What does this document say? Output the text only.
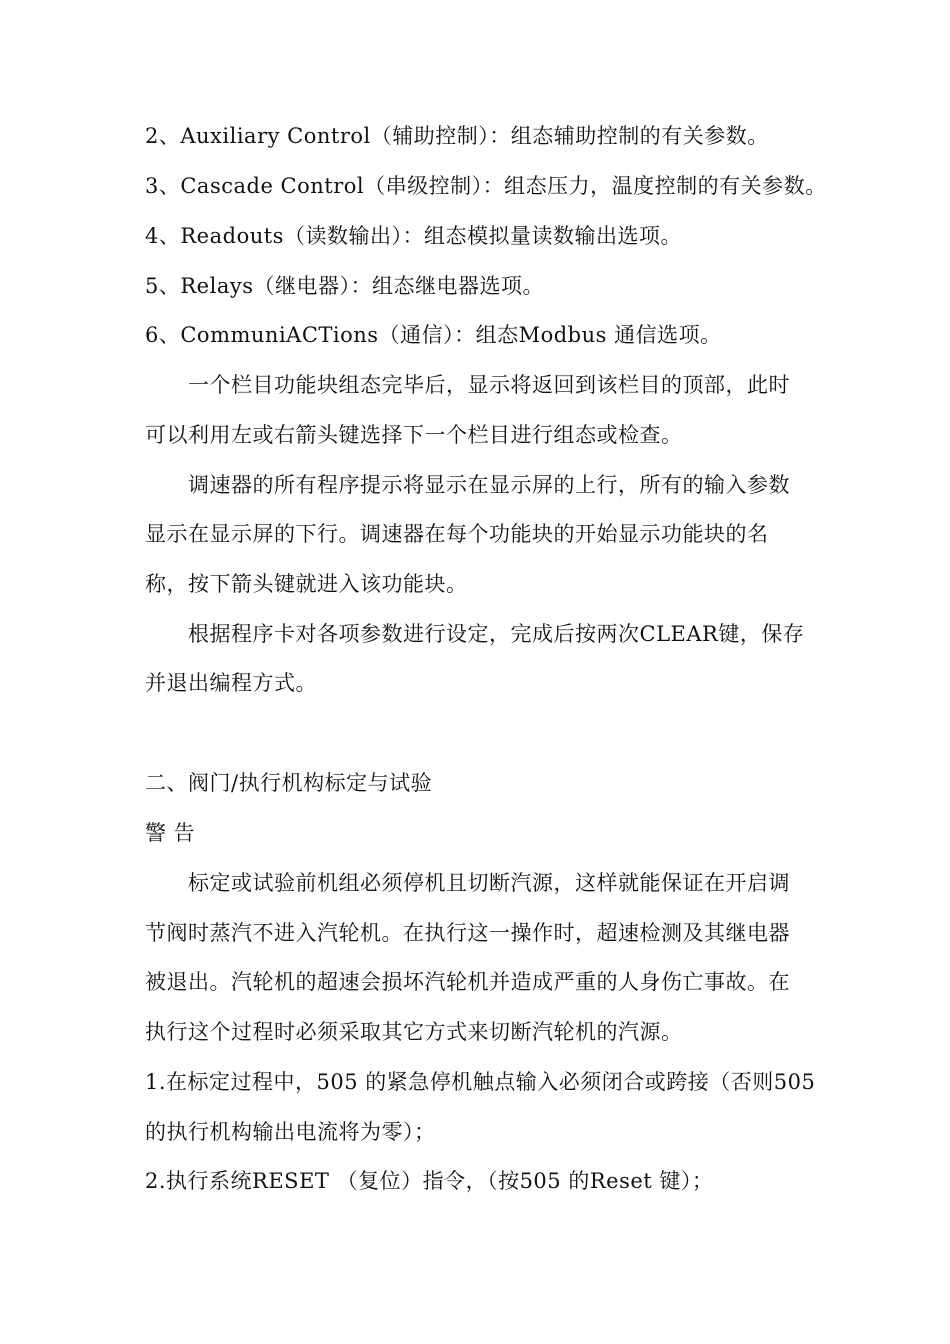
2、Auxiliary Control（辅助控制）：组态辅助控制的有关参数。
3、Cascade Control（串级控制）：组态压力，温度控制的有关参数。
4、Readouts（读数输出）：组态模拟量读数输出选项。
5、Relays（继电器）：组态继电器选项。
6、CommuniACTions（通信）：组态Modbus 通信选项。
一个栏目功能块组态完毕后，显示将返回到该栏目的顶部，此时
可以利用左或右箭头键选择下一个栏目进行组态或检查。
调速器的所有程序提示将显示在显示屏的上行，所有的输入参数
显示在显示屏的下行。调速器在每个功能块的开始显示功能块的名
称，按下箭头键就进入该功能块。
根据程序卡对各项参数进行设定，完成后按两次CLEAR键，保存
并退出编程方式。
二、阀门/执行机构标定与试验
警 告
标定或试验前机组必须停机且切断汽源，这样就能保证在开启调
节阀时蒸汽不进入汽轮机。在执行这一操作时，超速检测及其继电器
被退出。汽轮机的超速会损坏汽轮机并造成严重的人身伤亡事故。在
执行这个过程时必须采取其它方式来切断汽轮机的汽源。
1.在标定过程中，505 的紧急停机触点输入必须闭合或跨接（否则505
的执行机构输出电流将为零）；
2.执行系统RESET （复位）指令，（按505 的Reset 键）；
